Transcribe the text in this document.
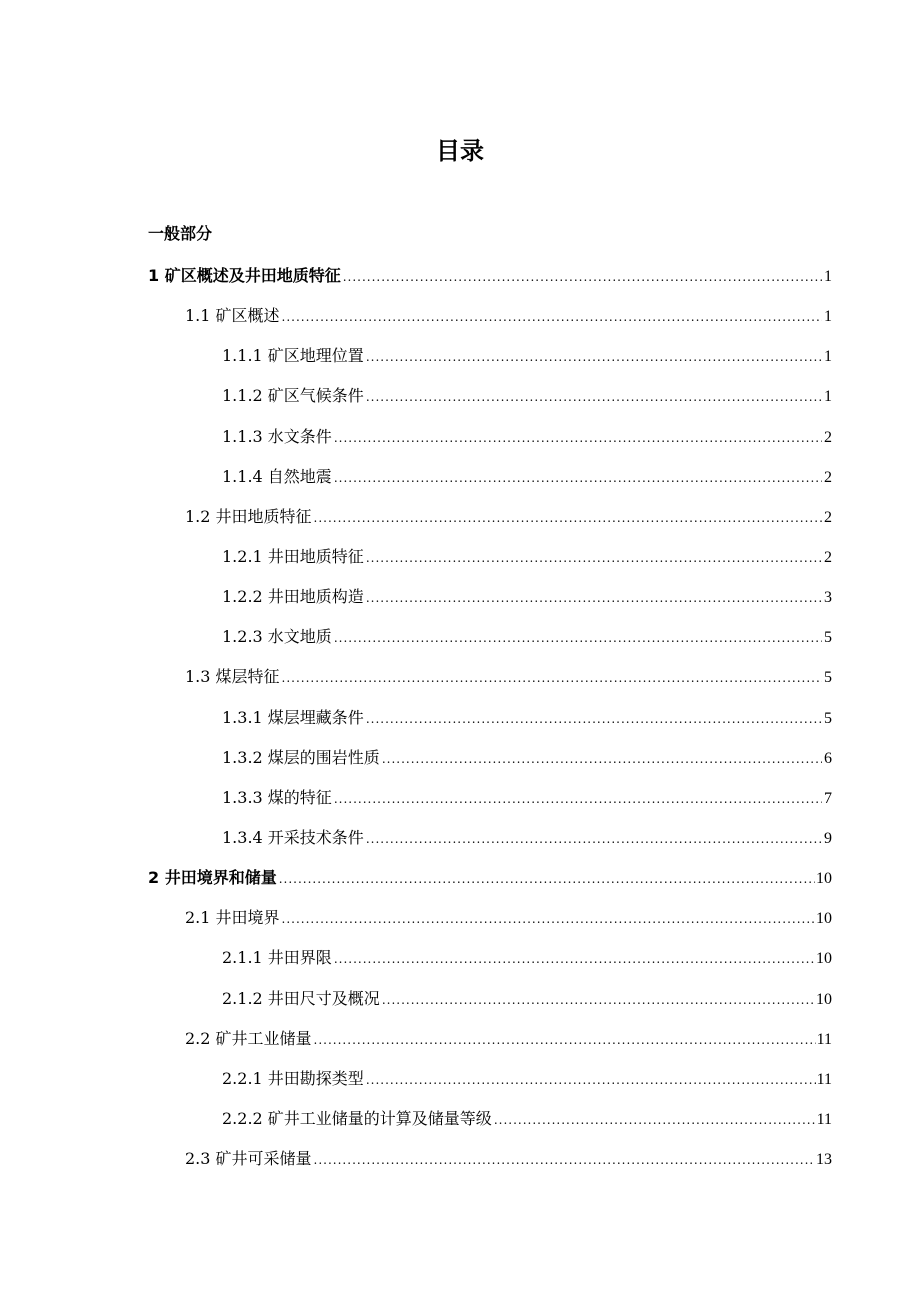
目录
一般部分
1 矿区概述及井田地质特征 .....	1
1.1 矿区概述 .....	1
1.1.1 矿区地理位置 .....	1
1.1.2 矿区气候条件 .....	1
1.1.3 水文条件 .....	2
1.1.4 自然地震 .....	2
1.2 井田地质特征 .....	2
1.2.1 井田地质特征 .....	2
1.2.2 井田地质构造 .....	3
1.2.3 水文地质 .....	5
1.3 煤层特征 .....	5
1.3.1 煤层埋藏条件 .....	5
1.3.2 煤层的围岩性质 .....	6
1.3.3 煤的特征 .....	7
1.3.4 开采技术条件 .....	9
2 井田境界和储量 .....	10
2.1 井田境界 .....	10
2.1.1 井田界限 .....	10
2.1.2 井田尺寸及概况 .....	10
2.2 矿井工业储量 .....	11
2.2.1 井田勘探类型 .....	11
2.2.2 矿井工业储量的计算及储量等级 .....	11
2.3 矿井可采储量 .....	13
